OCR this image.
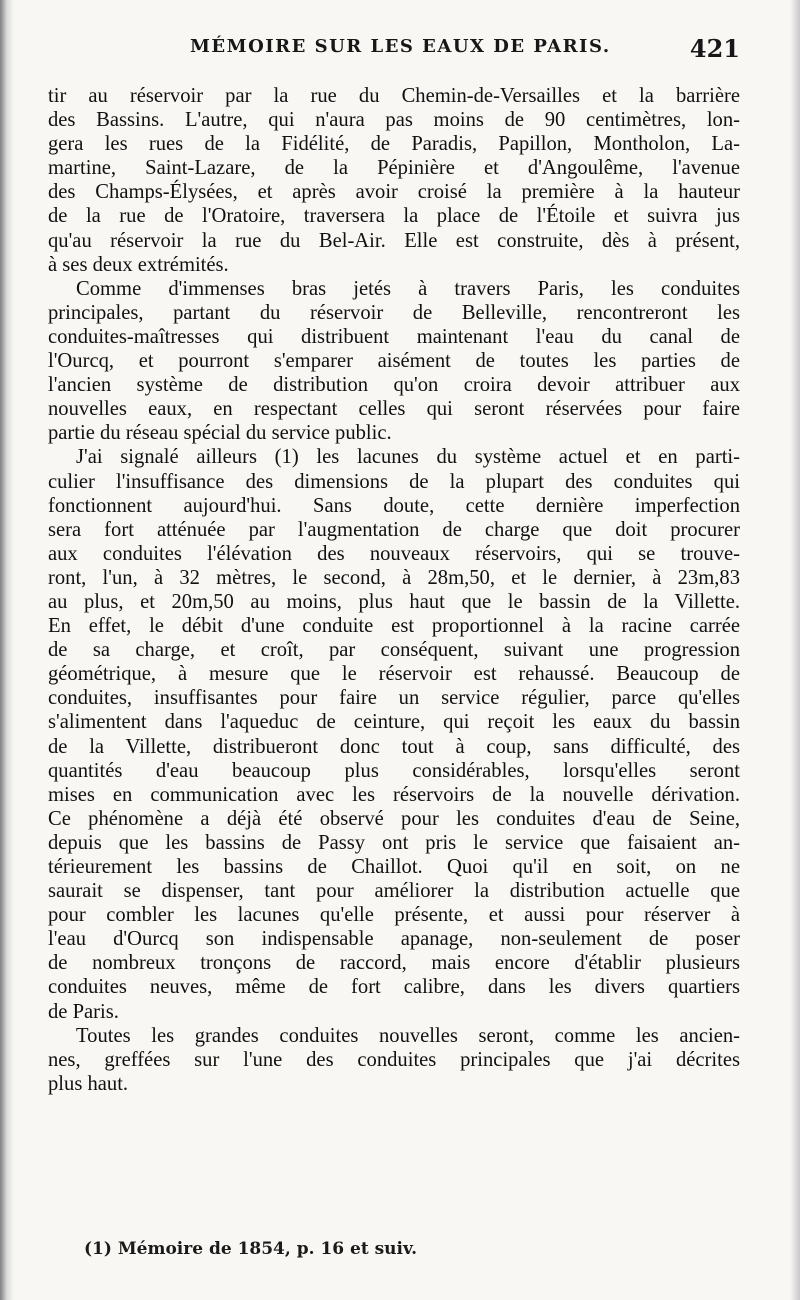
MÉMOIRE SUR LES EAUX DE PARIS.	421
tir au réservoir par la rue du Chemin-de-Versailles et la barrière
des Bassins. L'autre, qui n'aura pas moins de 90 centimètres, lon-
gera les rues de la Fidélité, de Paradis, Papillon, Montholon, La-
martine, Saint-Lazare, de la Pépinière et d'Angoulême, l'avenue
des Champs-Élysées, et après avoir croisé la première à la hauteur
de la rue de l'Oratoire, traversera la place de l'Étoile et suivra jus
qu'au réservoir la rue du Bel-Air. Elle est construite, dès à présent,
à ses deux extrémités.
Comme d'immenses bras jetés à travers Paris, les conduites
principales, partant du réservoir de Belleville, rencontreront les
conduites-maîtresses qui distribuent maintenant l'eau du canal de
l'Ourcq, et pourront s'emparer aisément de toutes les parties de
l'ancien système de distribution qu'on croira devoir attribuer aux
nouvelles eaux, en respectant celles qui seront réservées pour faire
partie du réseau spécial du service public.
J'ai signalé ailleurs (1) les lacunes du système actuel et en parti-
culier l'insuffisance des dimensions de la plupart des conduites qui
fonctionnent aujourd'hui. Sans doute, cette dernière imperfection
sera fort atténuée par l'augmentation de charge que doit procurer
aux conduites l'élévation des nouveaux réservoirs, qui se trouve-
ront, l'un, à 32 mètres, le second, à 28m,50, et le dernier, à 23m,83
au plus, et 20m,50 au moins, plus haut que le bassin de la Villette.
En effet, le débit d'une conduite est proportionnel à la racine carrée
de sa charge, et croît, par conséquent, suivant une progression
géométrique, à mesure que le réservoir est rehaussé. Beaucoup de
conduites, insuffisantes pour faire un service régulier, parce qu'elles
s'alimentent dans l'aqueduc de ceinture, qui reçoit les eaux du bassin
de la Villette, distribueront donc tout à coup, sans difficulté, des
quantités d'eau beaucoup plus considérables, lorsqu'elles seront
mises en communication avec les réservoirs de la nouvelle dérivation.
Ce phénomène a déjà été observé pour les conduites d'eau de Seine,
depuis que les bassins de Passy ont pris le service que faisaient an-
térieurement les bassins de Chaillot. Quoi qu'il en soit, on ne
saurait se dispenser, tant pour améliorer la distribution actuelle que
pour combler les lacunes qu'elle présente, et aussi pour réserver à
l'eau d'Ourcq son indispensable apanage, non-seulement de poser
de nombreux tronçons de raccord, mais encore d'établir plusieurs
conduites neuves, même de fort calibre, dans les divers quartiers
de Paris.
Toutes les grandes conduites nouvelles seront, comme les ancien-
nes, greffées sur l'une des conduites principales que j'ai décrites
plus haut.
(1) Mémoire de 1854, p. 16 et suiv.
